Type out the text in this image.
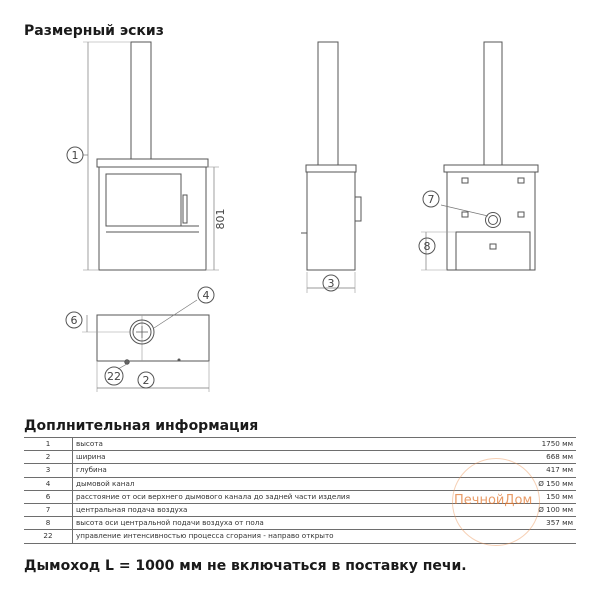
Размерный эскиз
1
2
3
4
6
7
8
22
801
Доплнительная информация
1	высота	1750 мм
2	ширина	668 мм
3	глубина	417 мм
4	дымовой канал	Ø 150 мм
6	расстояние от оси верхнего дымового канала до задней части изделия	150 мм
7	центральная подача воздуха	Ø 100 мм
8	высота оси центральной подачи воздуха от пола	357 мм
22	управление интенсивностью процесса сгорания - направо открыто	
ПечнойДом

Дымоход L = 1000 мм не включаться в поставку печи.
